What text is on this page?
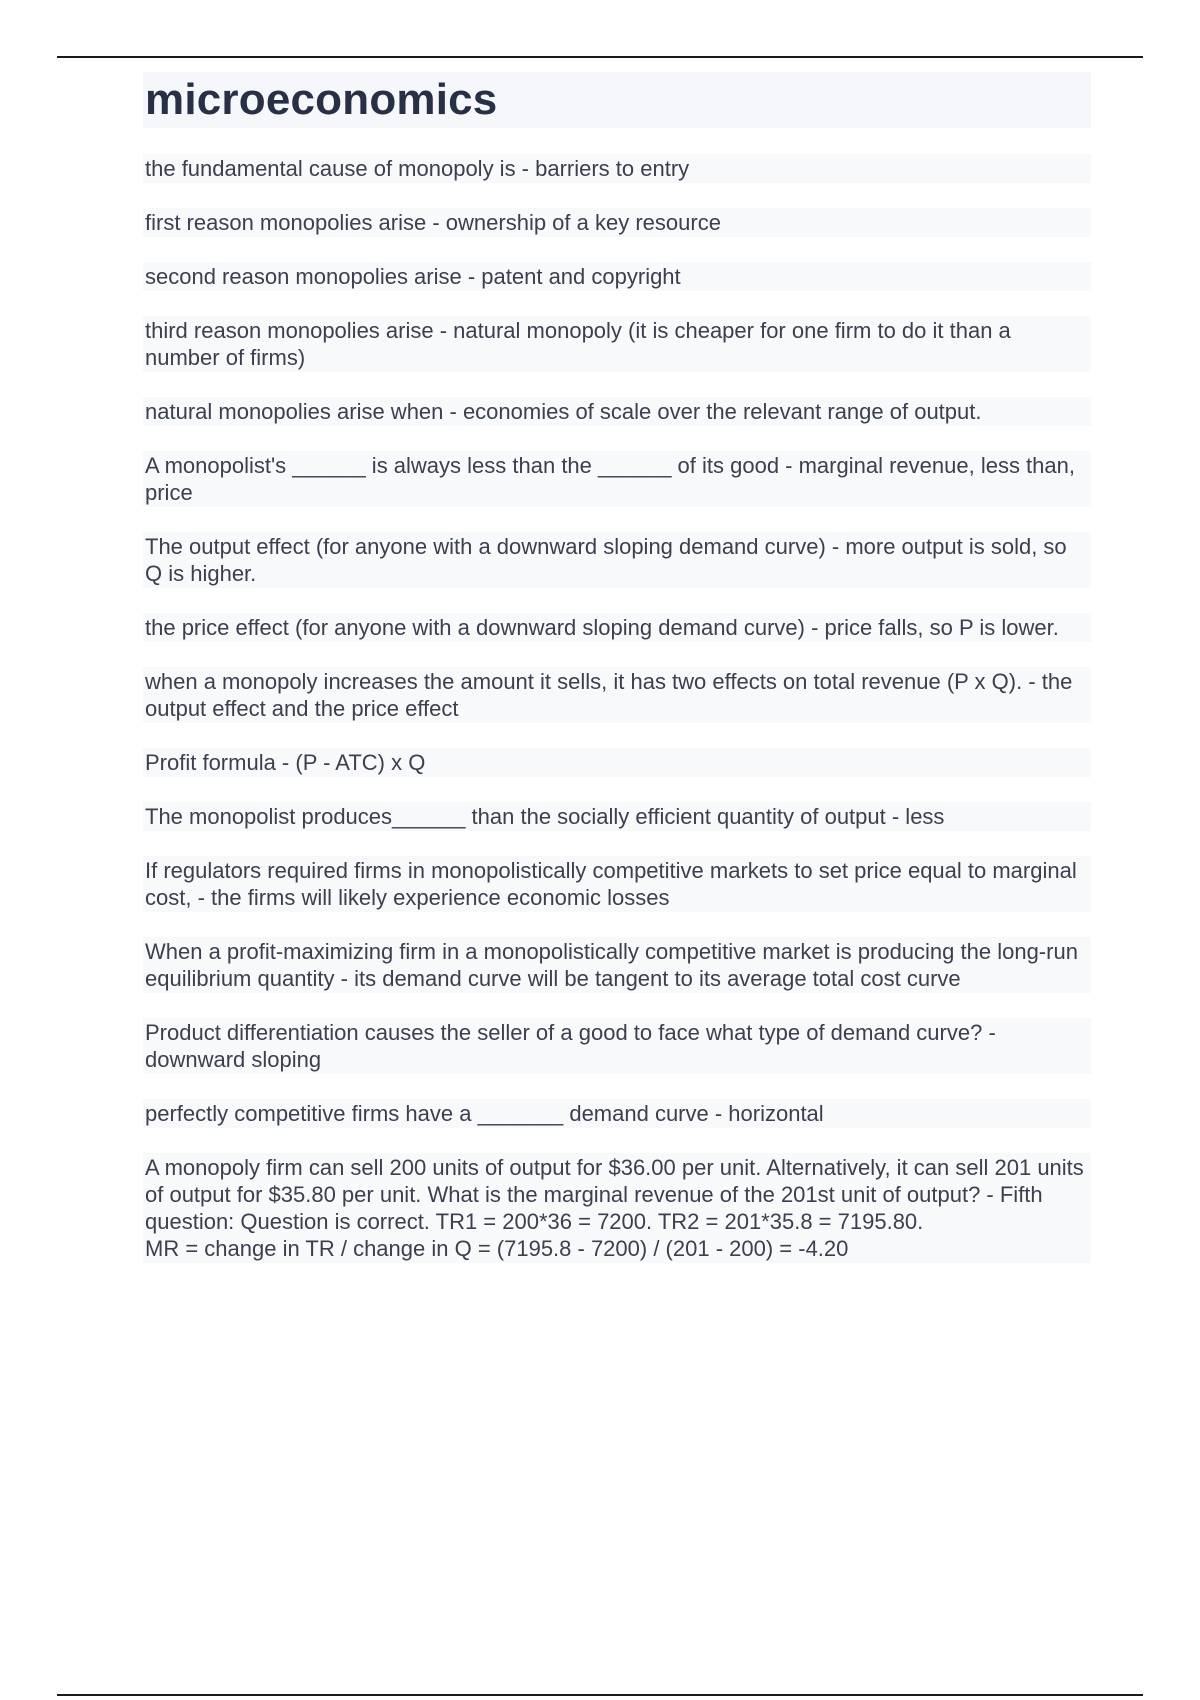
microeconomics
the fundamental cause of monopoly is - barriers to entry
first reason monopolies arise - ownership of a key resource
second reason monopolies arise - patent and copyright
third reason monopolies arise - natural monopoly (it is cheaper for one firm to do it than a number of firms)
natural monopolies arise when - economies of scale over the relevant range of output.
A monopolist's ______ is always less than the ______ of its good - marginal revenue, less than, price
The output effect (for anyone with a downward sloping demand curve) - more output is sold, so Q is higher.
the price effect (for anyone with a downward sloping demand curve) - price falls, so P is lower.
when a monopoly increases the amount it sells, it has two effects on total revenue (P x Q). - the output effect and the price effect
Profit formula - (P - ATC) x Q
The monopolist produces______ than the socially efficient quantity of output - less
If regulators required firms in monopolistically competitive markets to set price equal to marginal cost, - the firms will likely experience economic losses
When a profit-maximizing firm in a monopolistically competitive market is producing the long-run equilibrium quantity - its demand curve will be tangent to its average total cost curve
Product differentiation causes the seller of a good to face what type of demand curve? - downward sloping
perfectly competitive firms have a _______ demand curve - horizontal
A monopoly firm can sell 200 units of output for $36.00 per unit. Alternatively, it can sell 201 units of output for $35.80 per unit. What is the marginal revenue of the 201st unit of output? - Fifth question: Question is correct. TR1 = 200*36 = 7200. TR2 = 201*35.8 = 7195.80.
MR = change in TR / change in Q = (7195.8 - 7200) / (201 - 200) = -4.20
